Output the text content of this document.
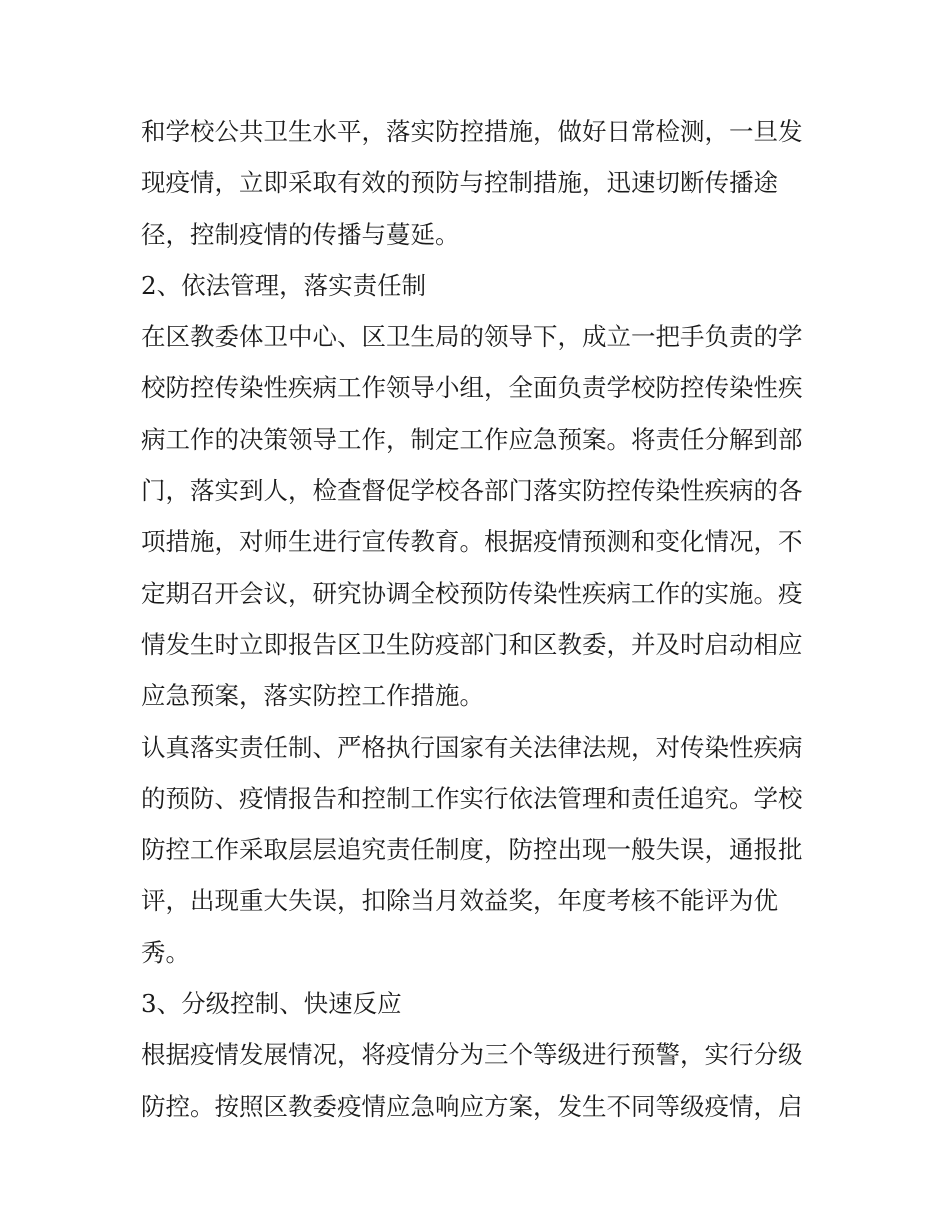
和学校公共卫生水平，落实防控措施，做好日常检测，一旦发
现疫情，立即采取有效的预防与控制措施，迅速切断传播途
径，控制疫情的传播与蔓延。
2、依法管理，落实责任制
在区教委体卫中心、区卫生局的领导下，成立一把手负责的学
校防控传染性疾病工作领导小组，全面负责学校防控传染性疾
病工作的决策领导工作，制定工作应急预案。将责任分解到部
门，落实到人，检查督促学校各部门落实防控传染性疾病的各
项措施，对师生进行宣传教育。根据疫情预测和变化情况，不
定期召开会议，研究协调全校预防传染性疾病工作的实施。疫
情发生时立即报告区卫生防疫部门和区教委，并及时启动相应
应急预案，落实防控工作措施。
认真落实责任制、严格执行国家有关法律法规，对传染性疾病
的预防、疫情报告和控制工作实行依法管理和责任追究。学校
防控工作采取层层追究责任制度，防控出现一般失误，通报批
评，出现重大失误，扣除当月效益奖，年度考核不能评为优
秀。
3、分级控制、快速反应
根据疫情发展情况，将疫情分为三个等级进行预警，实行分级
防控。按照区教委疫情应急响应方案，发生不同等级疫情，启
